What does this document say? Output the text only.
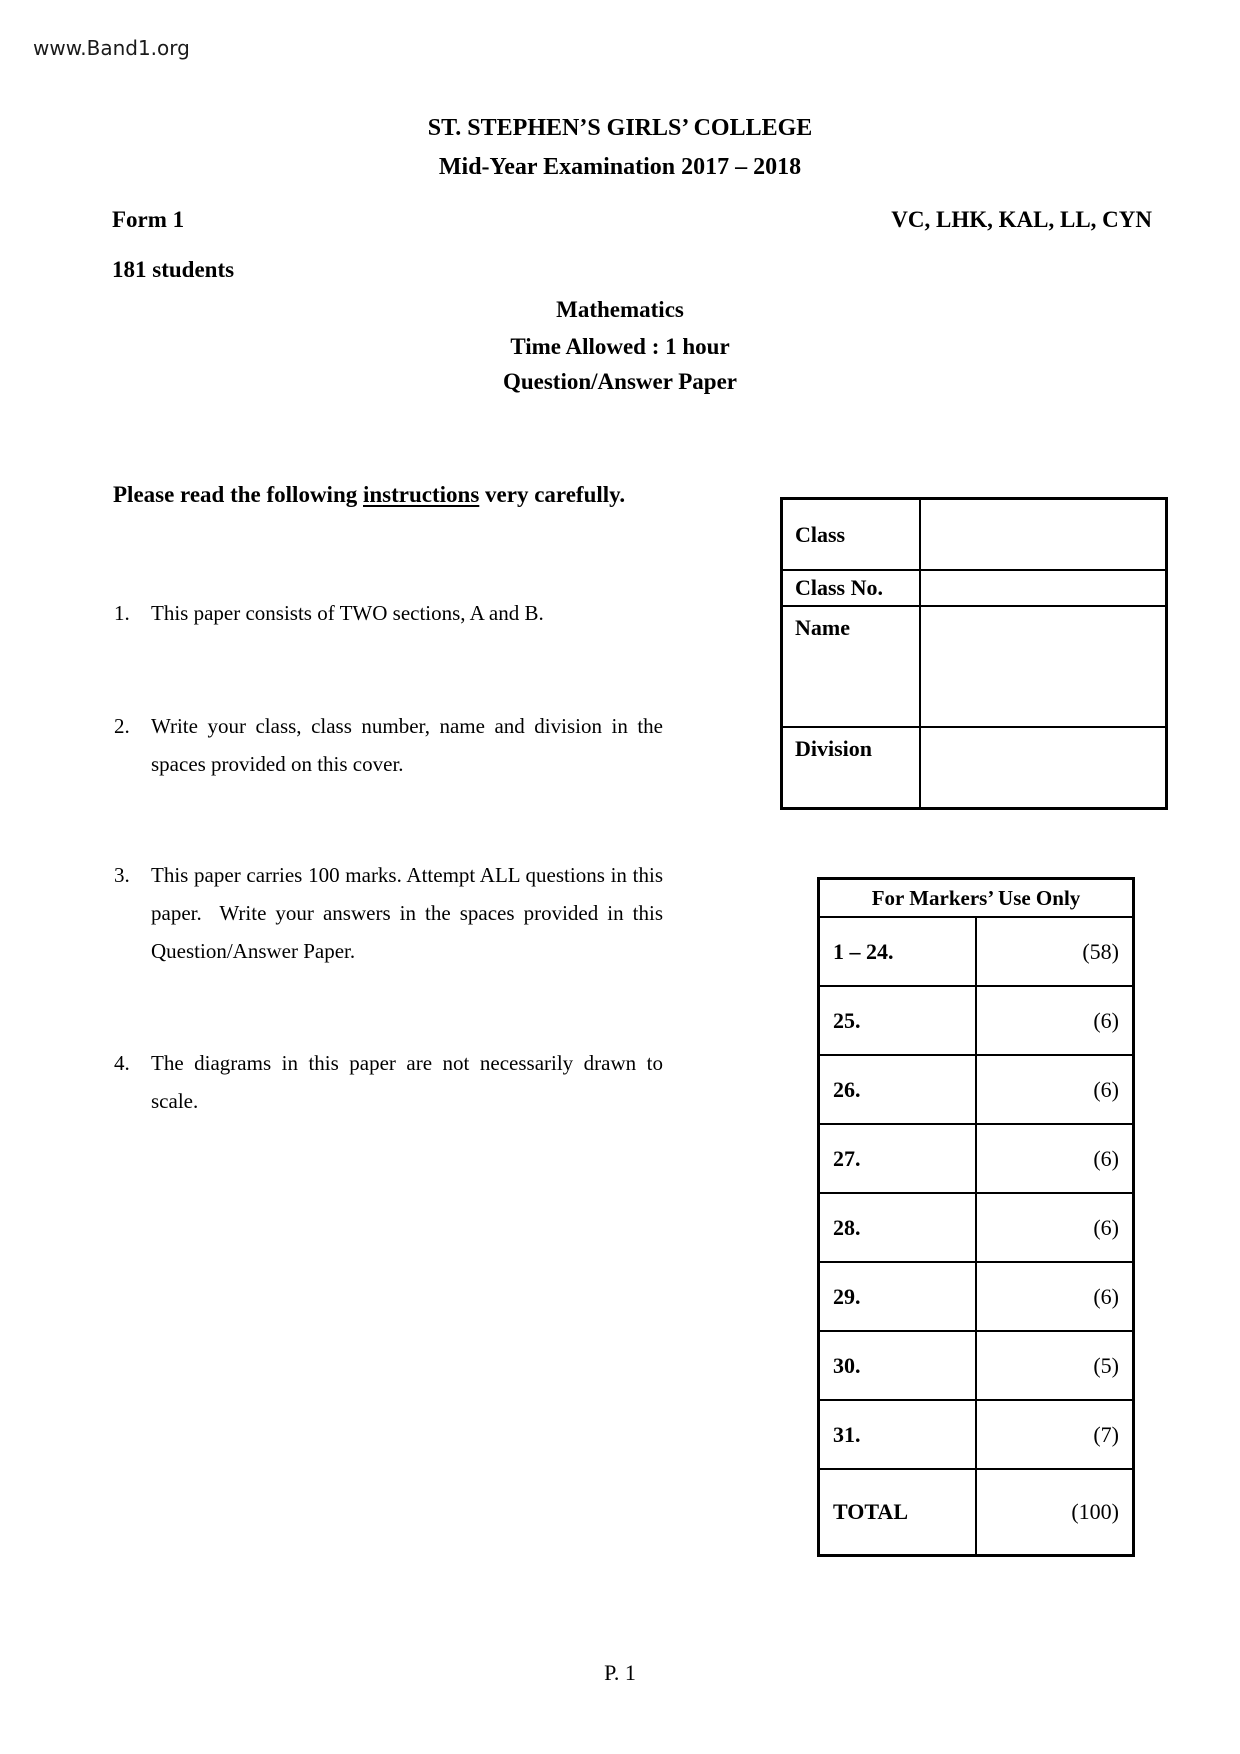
www.Band1.org
ST. STEPHEN’S GIRLS’ COLLEGE
Mid-Year Examination 2017 – 2018
Form 1	VC, LHK, KAL, LL, CYN
181 students
Mathematics
Time Allowed : 1 hour
Question/Answer Paper
Please read the following instructions very carefully.
1. This paper consists of TWO sections, A and B.
2. Write your class, class number, name and division in the spaces provided on this cover.
3. This paper carries 100 marks. Attempt ALL questions in this paper.  Write your answers in the spaces provided in this Question/Answer Paper.
4. The diagrams in this paper are not necessarily drawn to scale.
Class	
Class No.	
Name	
Division	
For Markers’ Use Only	
1 – 24.	(58)
25.	(6)
26.	(6)
27.	(6)
28.	(6)
29.	(6)
30.	(5)
31.	(7)
TOTAL	(100)
P. 1
